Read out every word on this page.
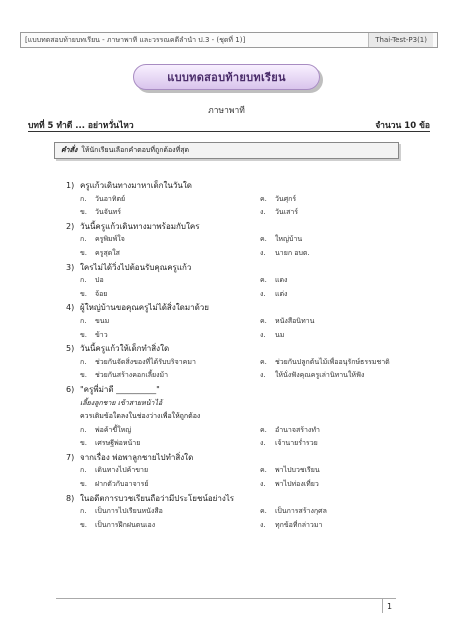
[แบบทดสอบท้ายบทเรียน - ภาษาพาที และวรรณคดีลำนำ ป.3 - (ชุดที่ 1)]	Thai-Test-P3(1)
แบบทดสอบท้ายบทเรียน
ภาษาพาที
บทที่ 5 ทำดี ... อย่าหวั่นไหว	จำนวน 10 ข้อ
คำสั่ง ให้นักเรียนเลือกคำตอบที่ถูกต้องที่สุด
1) ครูแก้วเดินทางมาหาเด็กในวันใด
ก.	วันอาทิตย์	ค.	วันศุกร์
ข.	วันจันทร์	ง.	วันเสาร์
2) วันนี้ครูแก้วเดินทางมาพร้อมกับใคร
ก.	ครูพิมพ์ใจ	ค.	ใหญ่บ้าน
ข.	ครูสุดใส	ง.	นายก อบต.
3) ใครไม่ได้วิ่งไปต้อนรับคุณครูแก้ว
ก.	ปอ	ค.	แดง
ข.	จ้อย	ง.	แต่ง
4) ผู้ใหญ่บ้านขอคุณครูไม่ได้สิ่งใดมาด้วย
ก.	ขนม	ค.	หนังสือนิทาน
ข.	ข้าว	ง.	นม
5) วันนี้ครูแก้วให้เด็กทำสิ่งใด
ก.	ช่วยกันจัดสิ่งของที่ได้รับบริจาคมา	ค.	ช่วยกันปลูกต้นไม้เพื่ออนุรักษ์ธรรมชาติ
ข.	ช่วยกันสร้างคอกเลี้ยงม้า	ง.	ให้นั่งฟังคุณครูเล่านิทานให้ฟัง
6) "ครูพี่ม่าดี __________"
เลี้ยงลูกชาย เข้าสายหน้าไอ้
ควรเติมข้อใดลงในช่องว่างเพื่อให้ถูกต้อง
ก.	พ่อค้าขี้ใหญ่	ค.	อำนาจสร้างทำ
ข.	เศรษฐีพ่อหน้าย	ง.	เจ้านายร่ำรวย
7) จากเรื่อง พ่อพาลูกชายไปทำสิ่งใด
ก.	เดินทางไปค้าขาย	ค.	พาไปบวชเรียน
ข.	ฝากตัวกับอาจารย์	ง.	พาไปท่องเที่ยว
8) ในอดีตการบวชเรียนถือว่ามีประโยชน์อย่างไร
ก.	เป็นการไปเรียนหนังสือ	ค.	เป็นการสร้างกุศล
ข.	เป็นการฝึกฝนตนเอง	ง.	ทุกข้อที่กล่าวมา
1
